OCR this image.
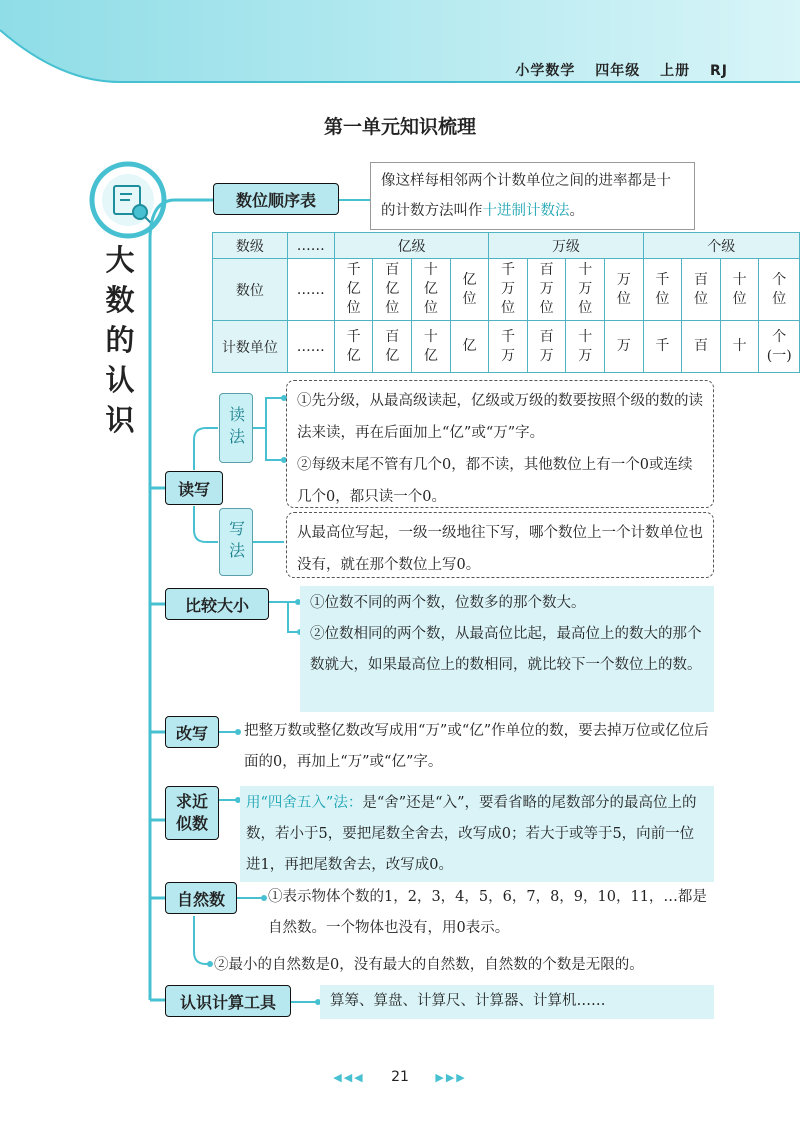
小学数学 四年级 上册 RJ
第一单元知识梳理
大
数
的
认
识
数位顺序表
像这样每相邻两个计数单位之间的进率都是十的计数方法叫作十进制计数法。
数级	……	亿级				万级				个级			
数位	……	千亿位	百亿位	十亿位	亿位	千万位	百万位	十万位	万位	千位	百位	十位	个位
计数单位	……	千亿	百亿	十亿	亿	千万	百万	十万	万	千	百	十	个(一)
读写
读法
①先分级，从最高级读起，亿级或万级的数要按照个级的数的读法来读，再在后面加上“亿”或“万”字。
②每级末尾不管有几个0，都不读，其他数位上有一个0或连续几个0，都只读一个0。
写法	从最高位写起，一级一级地往下写，哪个数位上一个计数单位也没有，就在那个数位上写0。
比较大小	①位数不同的两个数，位数多的那个数大。
②位数相同的两个数，从最高位比起，最高位上的数大的那个数就大，如果最高位上的数相同，就比较下一个数位上的数。
改写	把整万数或整亿数改写成用“万”或“亿”作单位的数，要去掉万位或亿位后面的0，再加上“万”或“亿”字。
求近
似数
用“四舍五入”法：是“舍”还是“入”，要看省略的尾数部分的最高位上的数，若小于5，要把尾数全舍去，改写成0；若大于或等于5，向前一位进1，再把尾数舍去，改写成0。
自然数	①表示物体个数的1，2，3，4，5，6，7，8，9，10，11，…都是自然数。一个物体也没有，用0表示。
②最小的自然数是0，没有最大的自然数，自然数的个数是无限的。
认识计算工具	算筹、算盘、计算尺、计算器、计算机……
◀◀◀ 21 ▶▶▶
